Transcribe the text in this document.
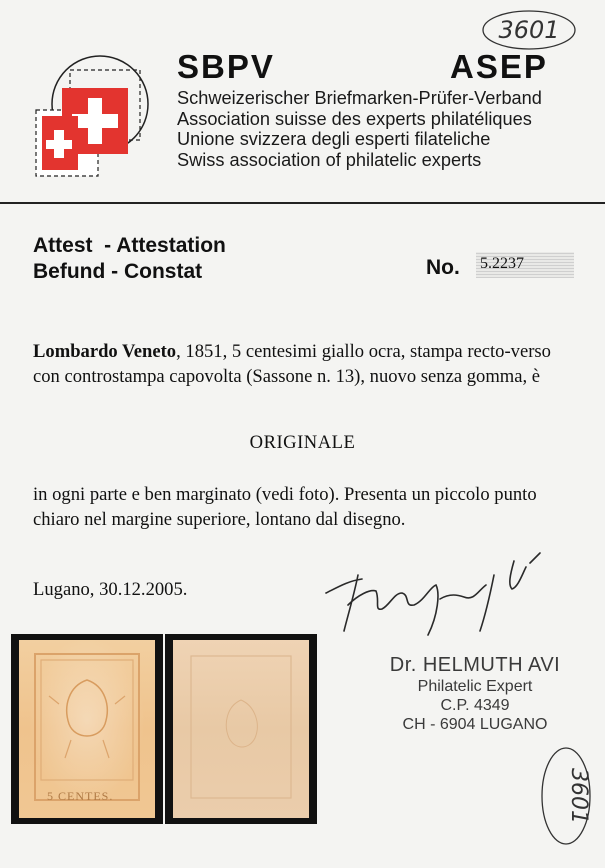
SBPV	ASEP
Schweizerischer Briefmarken-Prüfer-Verband
Association suisse des experts philatéliques
Unione svizzera degli esperti filateliche
Swiss association of philatelic experts
3601
Attest  - Attestation
Befund - Constat	No. 5.2237
Lombardo Veneto, 1851, 5 centesimi giallo ocra, stampa recto-verso con controstampa capovolta (Sassone n. 13), nuovo senza gomma, è
ORIGINALE
in ogni parte e ben marginato (vedi foto). Presenta un piccolo punto chiaro nel margine superiore, lontano dal disegno.
Lugano, 30.12.2005.
Dr. HELMUTH AVI
Philatelic Expert
C.P. 4349
CH - 6904 LUGANO
5 CENTES.	3601
